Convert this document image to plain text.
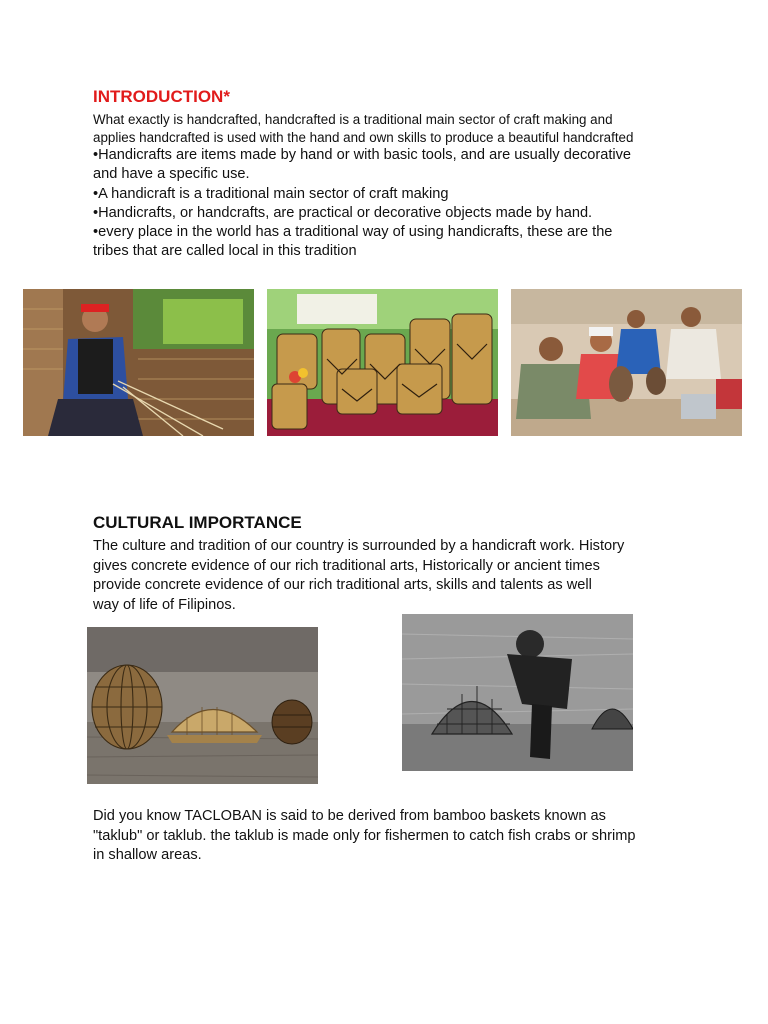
INTRODUCTION*

What exactly is handcrafted, handcrafted is a traditional main sector of craft making and
applies handcrafted is used with the hand and own skills to produce a beautiful handcrafted

•Handicrafts are items made by hand or with basic tools, and are usually decorative
and have a specific use.
•A handicraft is a traditional main sector of craft making
•Handicrafts, or handcrafts, are practical or decorative objects made by hand.
•every place in the world has a traditional way of using handicrafts, these are the
tribes that are called local in this tradition

CULTURAL IMPORTANCE

The culture and tradition of our country is surrounded by a handicraft work. History
gives concrete evidence of our rich traditional arts, Historically or ancient times
provide concrete evidence of our rich traditional arts, skills and talents as well
way of life of Filipinos.

Did you know TACLOBAN is said to be derived from bamboo baskets known as
"taklub" or taklub. the taklub is made only for fishermen to catch fish crabs or shrimp
in shallow areas.
